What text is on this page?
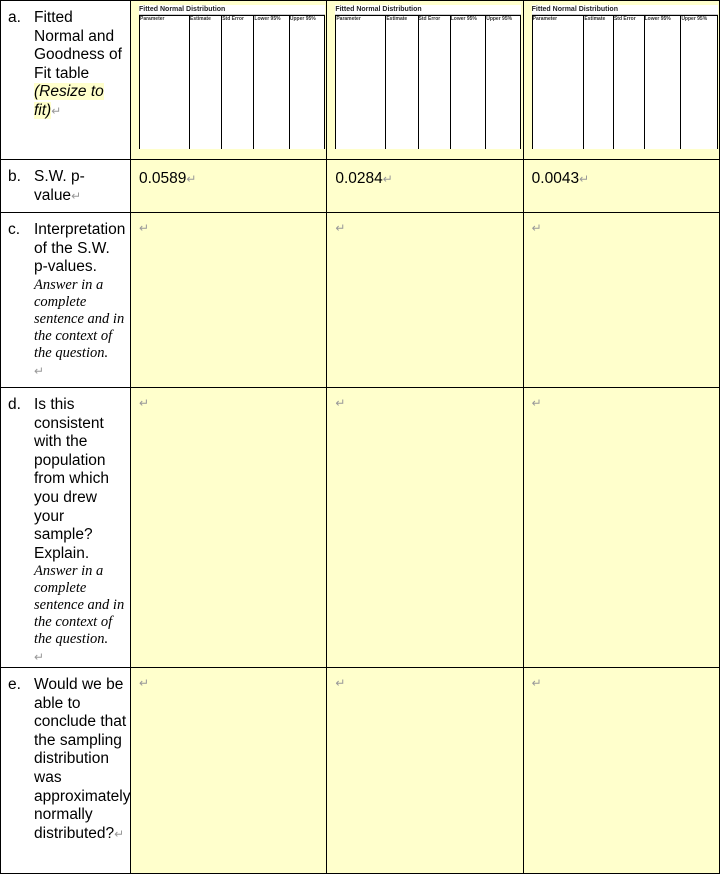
a. Fitted Normal and Goodness of Fit table (Resize to fit)↵

Fitted Normal Distribution
Parameter	Estimate	Std Error	Lower 95%	Upper 95%

Fitted Normal Distribution
Parameter	Estimate	Std Error	Lower 95%	Upper 95%

Fitted Normal Distribution
Parameter	Estimate	Std Error	Lower 95%	Upper 95%

b. S.W. p-value↵

0.0589↵	0.0284↵	0.0043↵

c. Interpretation of the S.W. p-values.
Answer in a complete sentence and in the context of the question.
↵

↵	↵	↵

d. Is this consistent with the population from which you drew your sample? Explain.
Answer in a complete sentence and in the context of the question.
↵

↵	↵	↵

e. Would we be able to conclude that the sampling distribution was approximately normally distributed?↵

↵	↵	↵
